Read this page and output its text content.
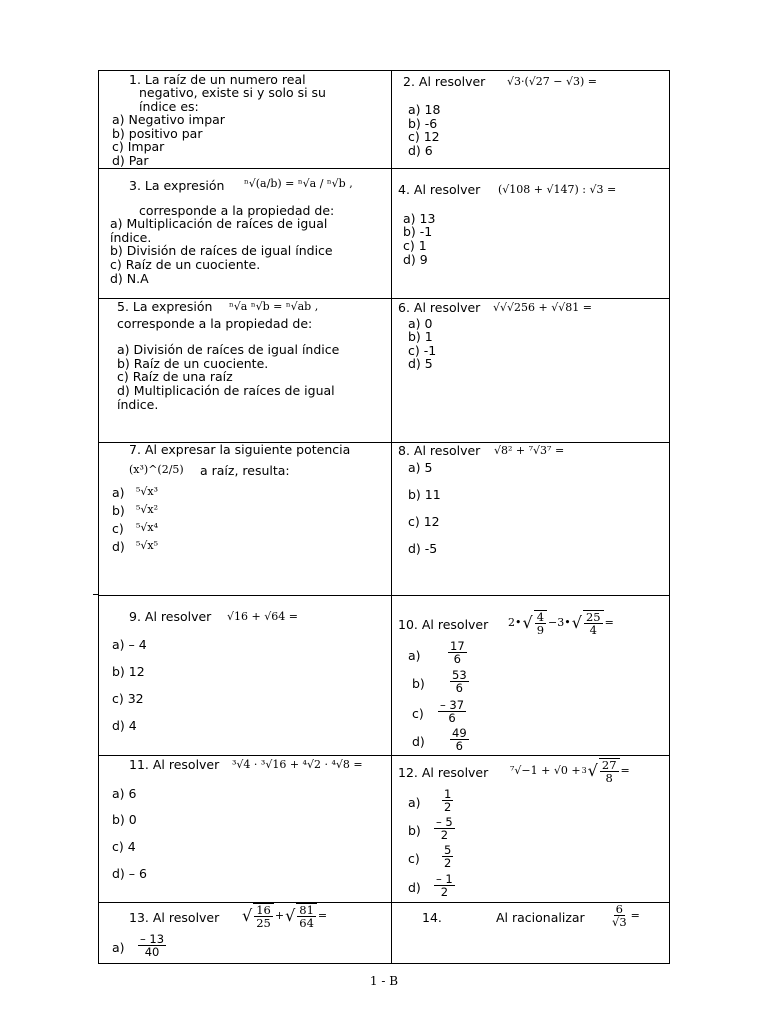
1. La raíz de un numero real
negativo, existe si y solo si su
índice es:
a) Negativo impar
b) positivo par
c) Impar
d) Par
2. Al resolver √3·(√27 − √3) =
a) 18
b) -6
c) 12
d) 6
3. La expresión ⁿ√(a/b) = ⁿ√a / ⁿ√b ,
corresponde a la propiedad de:
a) Multiplicación de raíces de igual
índice.
b) División de raíces de igual índice
c) Raíz de un cuociente.
d) N.A
4. Al resolver (√108 + √147) : √3 =
a) 13
b) -1
c) 1
d) 9
5. La expresión ⁿ√a ⁿ√b = ⁿ√ab ,
corresponde a la propiedad de:
a) División de raíces de igual índice
b) Raíz de un cuociente.
c) Raíz de una raíz
d) Multiplicación de raíces de igual
índice.
6. Al resolver √√√256 + √√81 =
a) 0
b) 1
c) -1
d) 5
7. Al expresar la siguiente potencia
(x³)^(2/5) a raíz, resulta:
a) ⁵√x³
b) ⁵√x²
c) ⁵√x⁴
d) ⁵√x⁵
8. Al resolver √8² + ⁷√3⁷ =
a) 5
b) 11
c) 12
d) -5
9. Al resolver √16 + √64 =
a) – 4
b) 12
c) 32
d) 4
10. Al resolver 2• √ $\frac{4}{9}$ −3• √ $\frac{25}{4}$ =
$a) \frac{17}{6}$
$b) \frac{53}{6}$
$c) \frac{- 37}{6}$
$d) \frac{49}{6}$
11. Al resolver ³√4 · ³√16 + ⁴√2 · ⁴√8 =
a) 6
b) 0
c) 4
d) – 6
12. Al resolver ⁷√−1 + √0 + 3 √ $\frac{27}{8}$ =
$a) \frac{1}{2}$
$b) \frac{- 5}{2}$
$c) \frac{5}{2}$
$d) \frac{- 1}{2}$
13. Al resolver √ $\frac{16}{25}$ + √ $\frac{81}{64}$ =
$a) \frac{- 13}{40}$
14.	Al racionalizar $\frac{6}{√3}$ =
1 - B
